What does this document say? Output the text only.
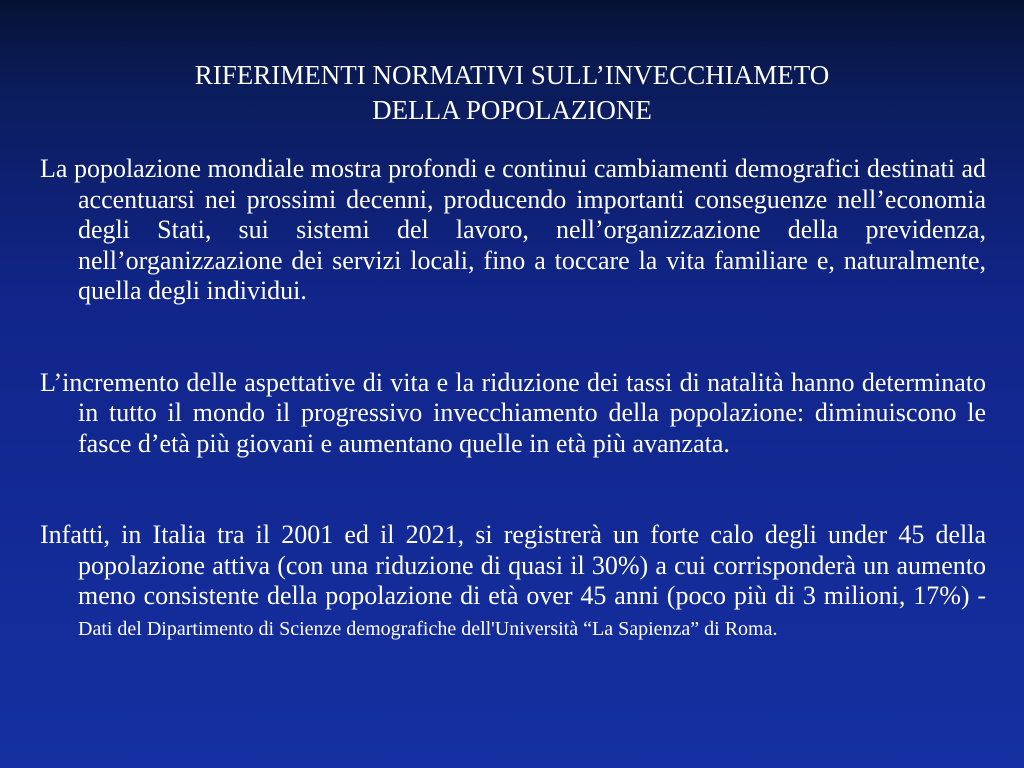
RIFERIMENTI NORMATIVI SULL’INVECCHIAMETO
DELLA POPOLAZIONE

La popolazione mondiale mostra profondi e continui cambiamenti demografici destinati ad accentuarsi nei prossimi decenni, producendo importanti conseguenze nell’economia degli Stati, sui sistemi del lavoro, nell’organizzazione della previdenza, nell’organizzazione dei servizi locali, fino a toccare la vita familiare e, naturalmente, quella degli individui.

L’incremento delle aspettative di vita e la riduzione dei tassi di natalità hanno determinato in tutto il mondo il progressivo invecchiamento della popolazione: diminuiscono le fasce d’età più giovani e aumentano quelle in età più avanzata.

Infatti, in Italia tra il 2001 ed il 2021, si registrerà un forte calo degli under 45 della popolazione attiva (con una riduzione di quasi il 30%) a cui corrisponderà un aumento meno consistente della popolazione di età over 45 anni (poco più di 3 milioni, 17%) - Dati del Dipartimento di Scienze demografiche dell'Università “La Sapienza” di Roma.
